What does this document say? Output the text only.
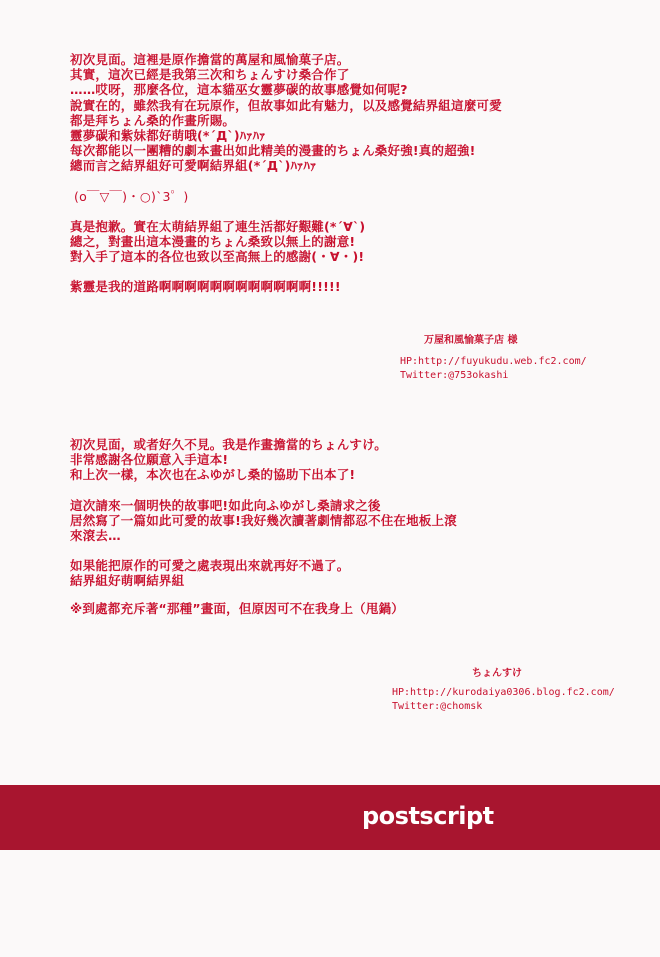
初次見面。這裡是原作擔當的萬屋和風愉菓子店。
其實，這次已經是我第三次和ちょんすけ桑合作了
……哎呀，那麼各位，這本貓巫女靈夢碳的故事感覺如何呢?
說實在的，雖然我有在玩原作，但故事如此有魅力，以及感覺結界組這麼可愛
都是拜ちょん桑的作畫所賜。
靈夢碳和紫妹都好萌哦(*´Д`)ﾊｧﾊｧ
每次都能以一團糟的劇本畫出如此精美的漫畫的ちょん桑好強!真的超強!
總而言之結界組好可愛啊結界組(*´Д`)ﾊｧﾊｧ
(ο￣▽￣)・○)`3゜)
真是抱歉。實在太萌結界組了連生活都好艱難(*´∀`)
總之，對畫出這本漫畫的ちょん桑致以無上的謝意!
對入手了這本的各位也致以至高無上的感謝(・∀・)!
紫靈是我的道路啊啊啊啊啊啊啊啊啊啊啊啊!!!!!
万屋和風愉菓子店 様
HP:http://fuyukudu.web.fc2.com/
Twitter:@753okashi
初次見面，或者好久不見。我是作畫擔當的ちょんすけ。
非常感謝各位願意入手這本!
和上次一樣，本次也在ふゆがし桑的協助下出本了!
這次請來一個明快的故事吧!如此向ふゆがし桑請求之後
居然寫了一篇如此可愛的故事!我好幾次讀著劇情都忍不住在地板上滾
來滾去…
如果能把原作的可愛之處表現出來就再好不過了。
結界組好萌啊結界組
※到處都充斥著“那種”畫面，但原因可不在我身上（甩鍋）
ちょんすけ
HP:http://kurodaiya0306.blog.fc2.com/
Twitter:@chomsk
postscript
